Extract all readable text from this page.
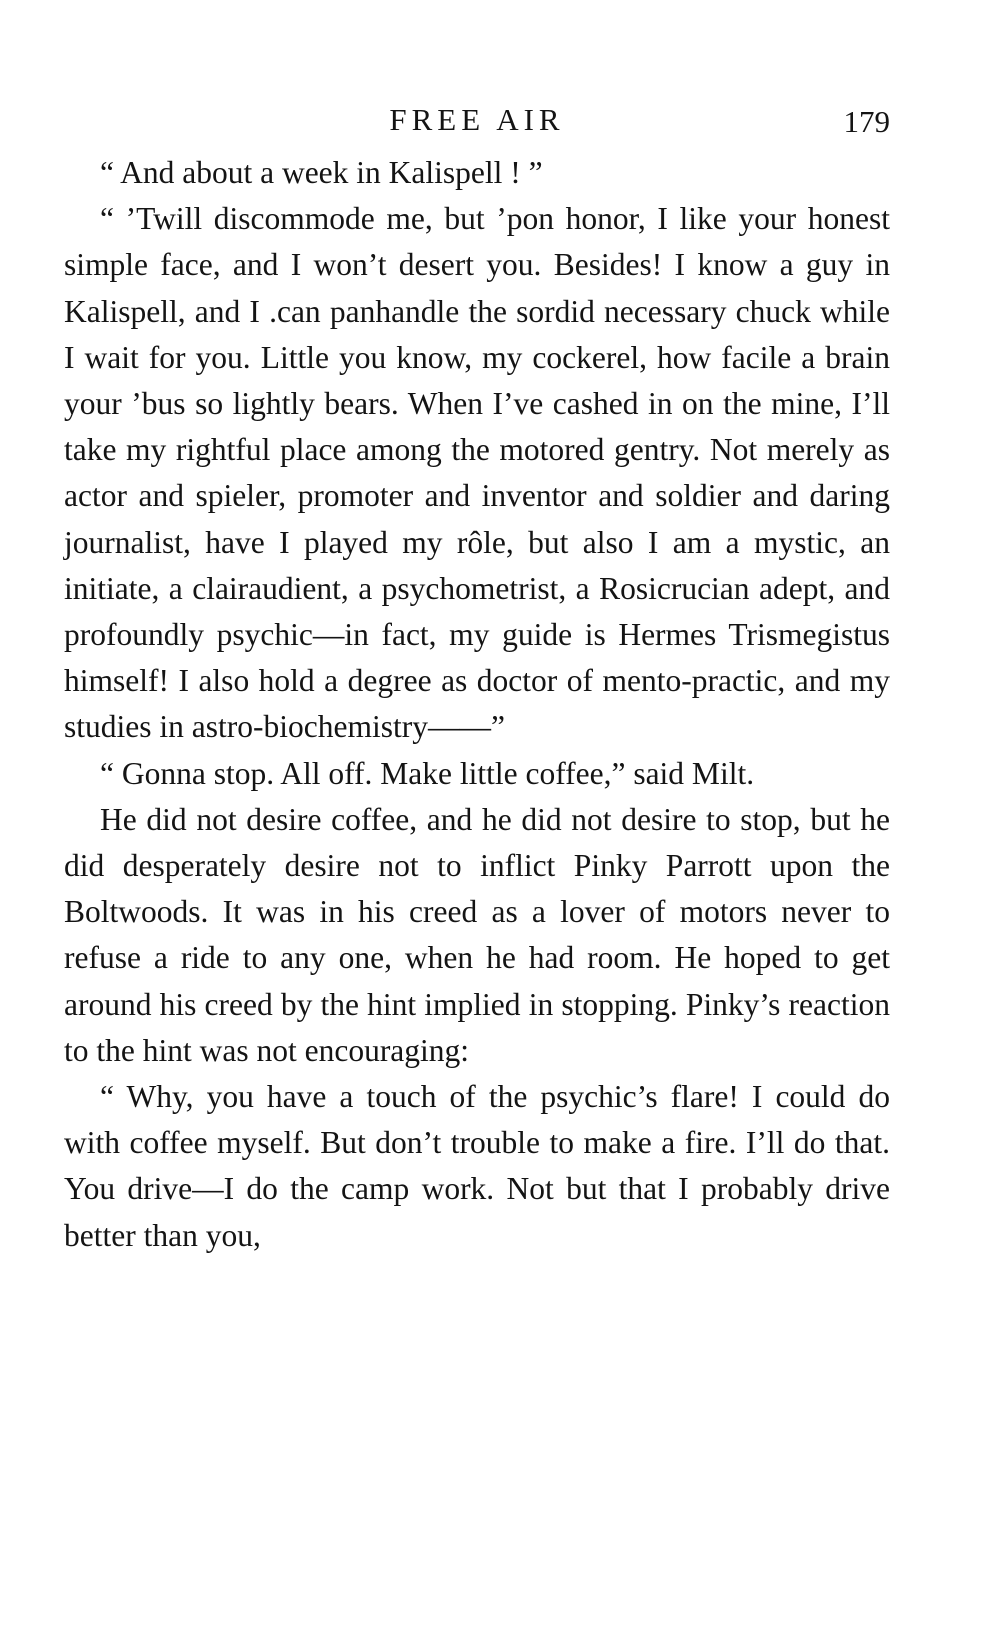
FREE AIR	179

“ And about a week in Kalispell ! ”

“ ’Twill discommode me, but ’pon honor, I like your honest simple face, and I won’t desert you. Besides! I know a guy in Kalispell, and I .can panhandle the sordid necessary chuck while I wait for you. Little you know, my cockerel, how facile a brain your ’bus so lightly bears. When I’ve cashed in on the mine, I’ll take my rightful place among the motored gentry. Not merely as actor and spieler, promoter and inventor and soldier and daring journalist, have I played my rôle, but also I am a mystic, an initiate, a clairaudient, a psychometrist, a Rosicrucian adept, and profoundly psychic—in fact, my guide is Hermes Trismegistus himself! I also hold a degree as doctor of mento-practic, and my studies in astro-biochemistry——”

“ Gonna stop. All off. Make little coffee,” said Milt.

He did not desire coffee, and he did not desire to stop, but he did desperately desire not to inflict Pinky Parrott upon the Boltwoods. It was in his creed as a lover of motors never to refuse a ride to any one, when he had room. He hoped to get around his creed by the hint implied in stopping. Pinky’s reaction to the hint was not encouraging:

“ Why, you have a touch of the psychic’s flare! I could do with coffee myself. But don’t trouble to make a fire. I’ll do that. You drive—I do the camp work. Not but that I probably drive better than you,
